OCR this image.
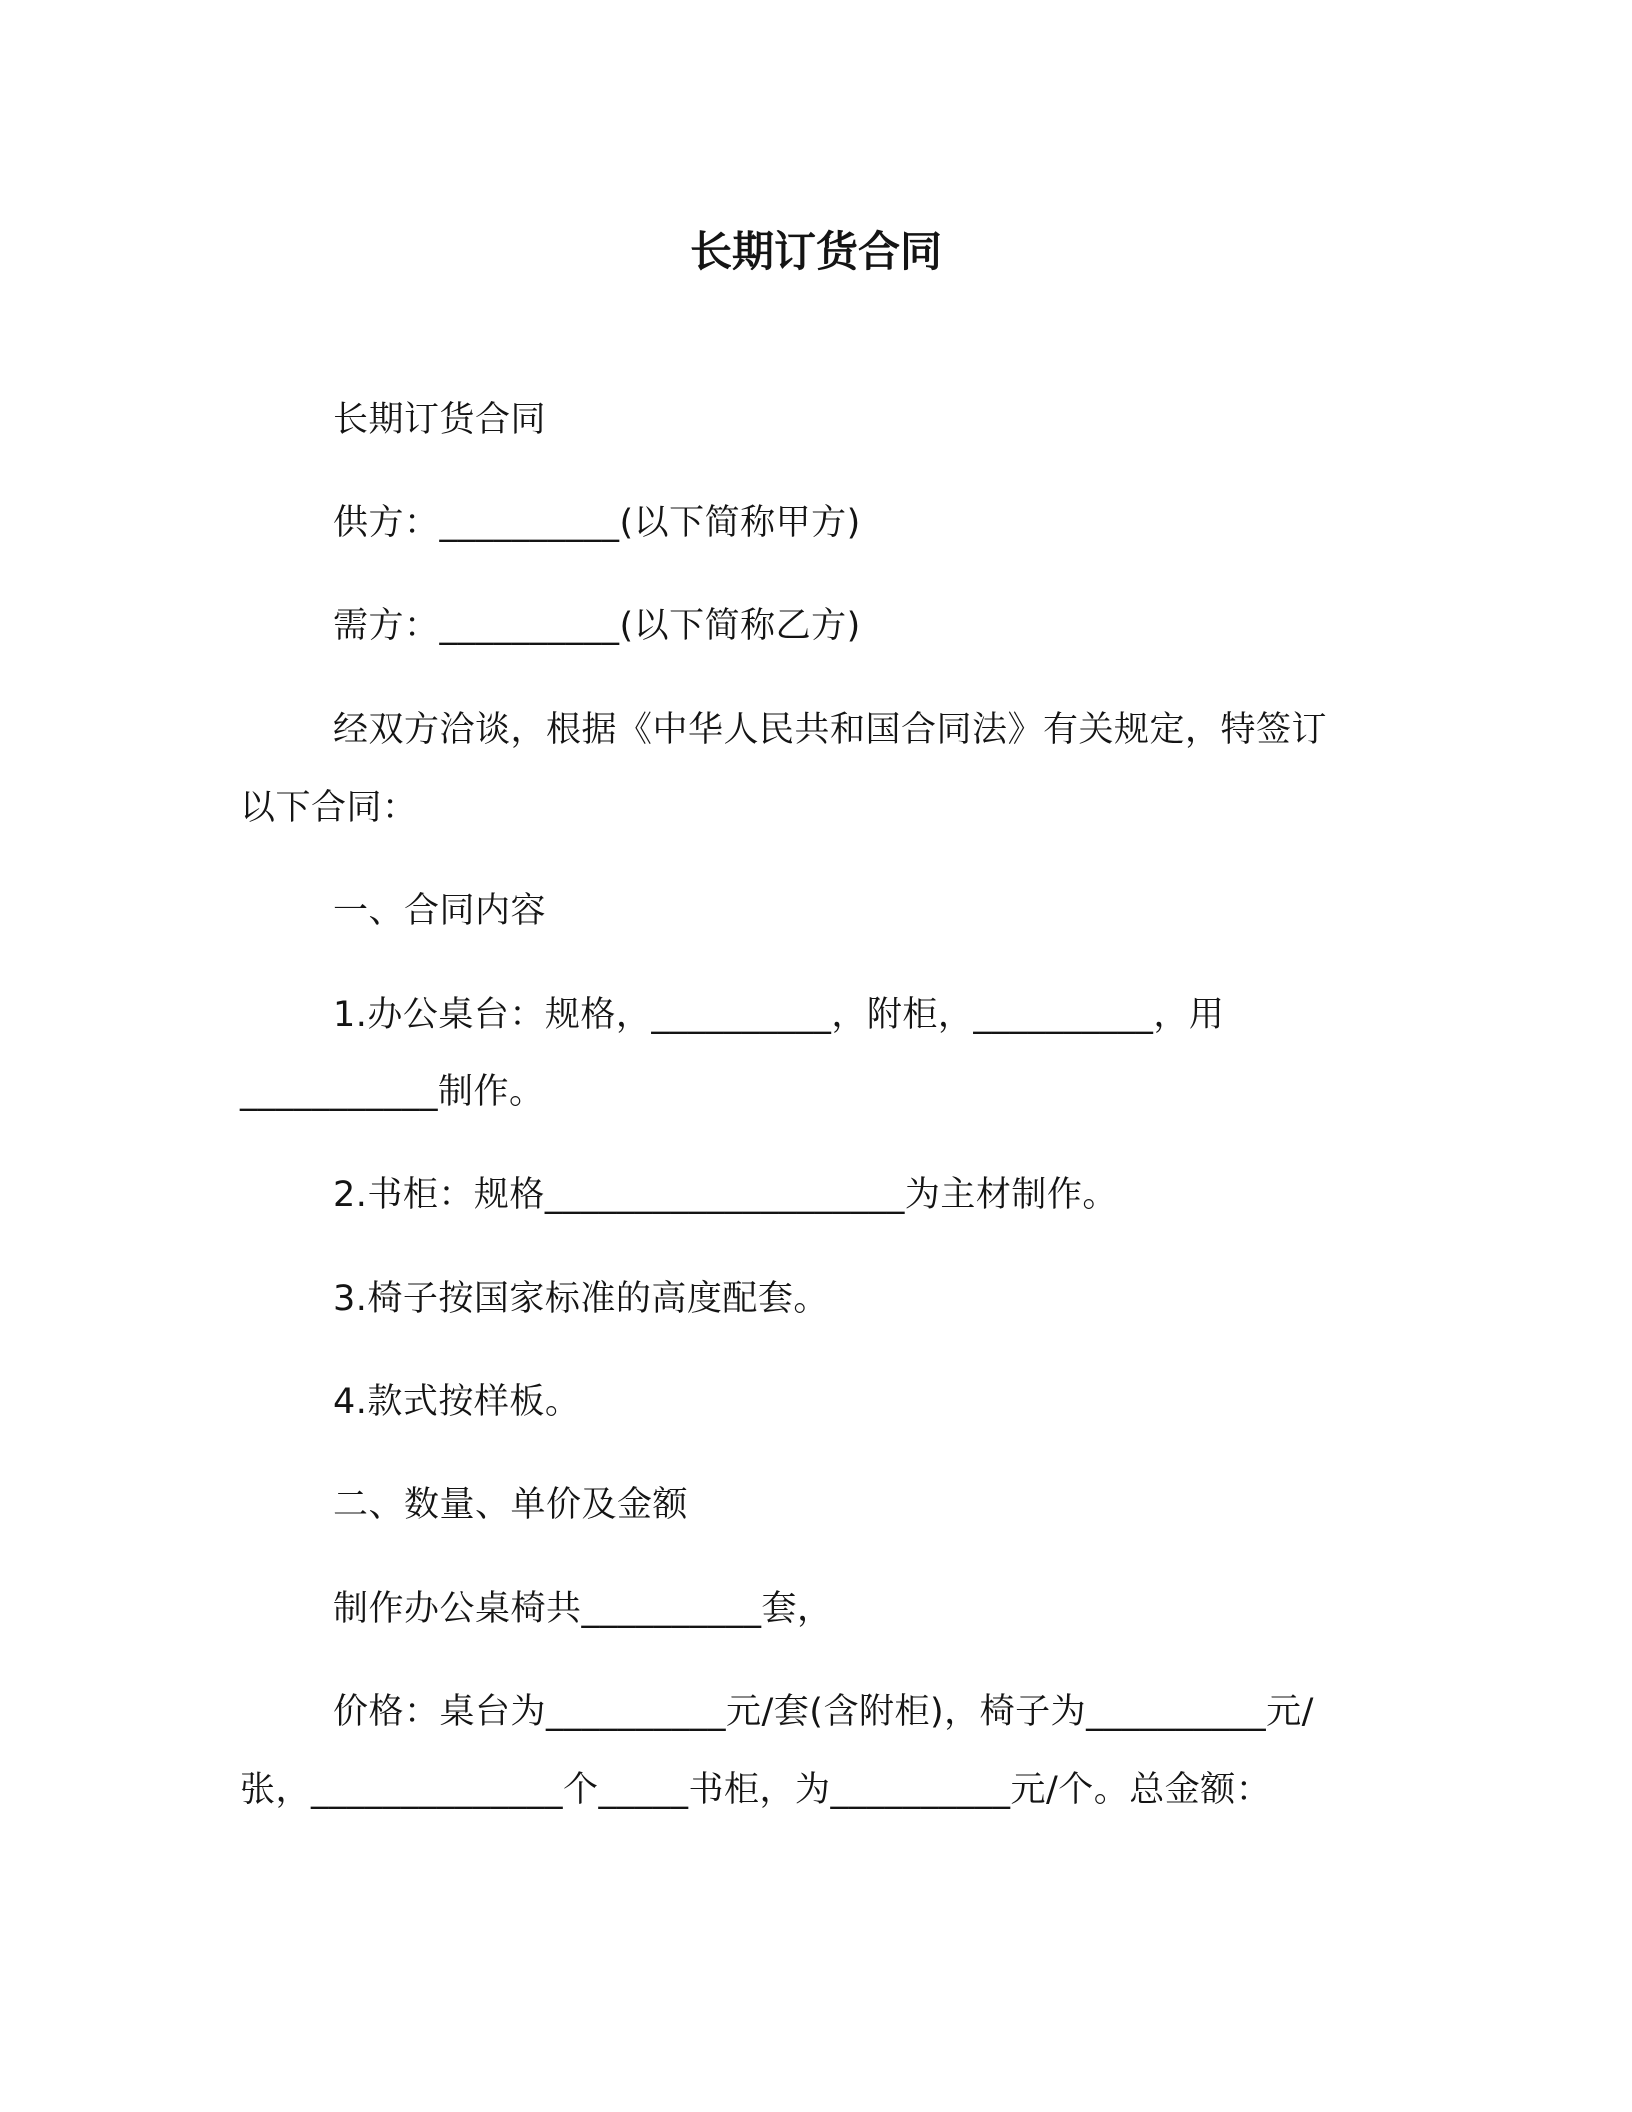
长期订货合同
长期订货合同
供方：__________(以下简称甲方)
需方：__________(以下简称乙方)
经双方洽谈，根据《中华人民共和国合同法》有关规定，特签订
以下合同：
一、合同内容
1.办公桌台：规格，__________，附柜，__________，用
___________制作。
2.书柜：规格____________________为主材制作。
3.椅子按国家标准的高度配套。
4.款式按样板。
二、数量、单价及金额
制作办公桌椅共__________套，
价格：桌台为__________元/套(含附柜)，椅子为__________元/
张，______________个_____书柜，为__________元/个。总金额：
